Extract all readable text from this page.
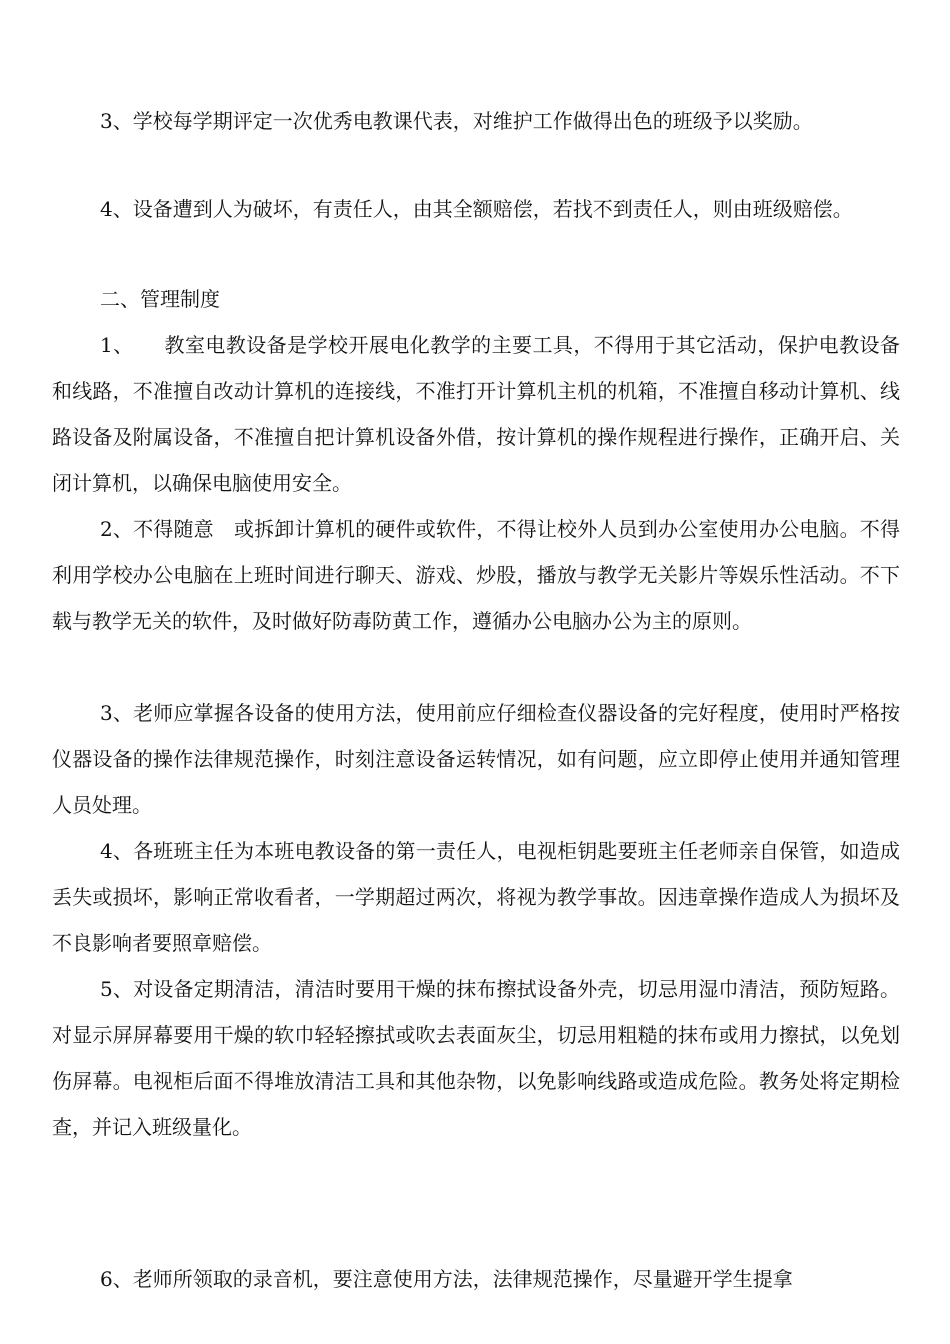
3、学校每学期评定一次优秀电教课代表，对维护工作做得出色的班级予以奖励。

4、设备遭到人为破坏，有责任人，由其全额赔偿，若找不到责任人，则由班级赔偿。

二、管理制度

1、　　教室电教设备是学校开展电化教学的主要工具，不得用于其它活动，保护电教设备和线路，不准擅自改动计算机的连接线，不准打开计算机主机的机箱，不准擅自移动计算机、线路设备及附属设备，不准擅自把计算机设备外借，按计算机的操作规程进行操作，正确开启、关闭计算机，以确保电脑使用安全。

2、不得随意　或拆卸计算机的硬件或软件，不得让校外人员到办公室使用办公电脑。不得利用学校办公电脑在上班时间进行聊天、游戏、炒股，播放与教学无关影片等娱乐性活动。不下载与教学无关的软件，及时做好防毒防黄工作，遵循办公电脑办公为主的原则。

3、老师应掌握各设备的使用方法，使用前应仔细检查仪器设备的完好程度，使用时严格按仪器设备的操作法律规范操作，时刻注意设备运转情况，如有问题，应立即停止使用并通知管理人员处理。

4、各班班主任为本班电教设备的第一责任人，电视柜钥匙要班主任老师亲自保管，如造成丢失或损坏，影响正常收看者，一学期超过两次，将视为教学事故。因违章操作造成人为损坏及不良影响者要照章赔偿。

5、对设备定期清洁，清洁时要用干燥的抹布擦拭设备外壳，切忌用湿巾清洁，预防短路。对显示屏屏幕要用干燥的软巾轻轻擦拭或吹去表面灰尘，切忌用粗糙的抹布或用力擦拭，以免划伤屏幕。电视柜后面不得堆放清洁工具和其他杂物，以免影响线路或造成危险。教务处将定期检查，并记入班级量化。

6、老师所领取的录音机，要注意使用方法，法律规范操作，尽量避开学生提拿
